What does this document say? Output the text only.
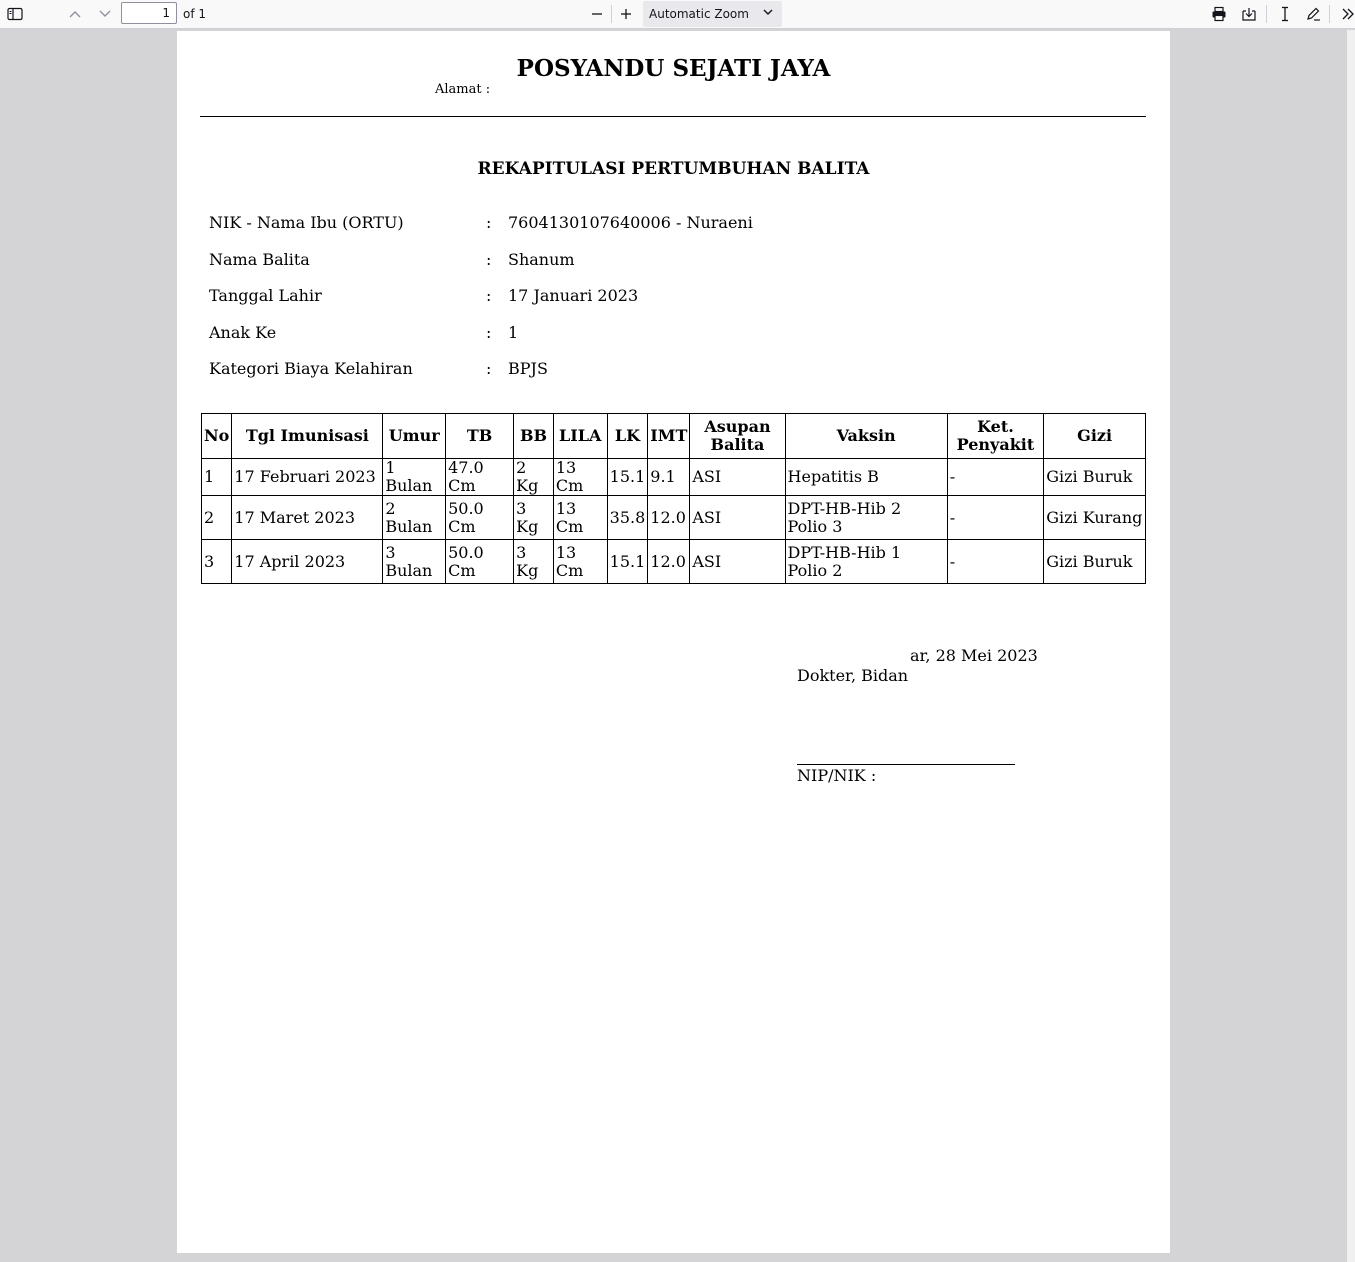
1
of 1	Automatic Zoom
POSYANDU SEJATI JAYA
Alamat :
REKAPITULASI PERTUMBUHAN BALITA
NIK - Nama Ibu (ORTU)	: 7604130107640006 - Nuraeni
Nama Balita	: Shanum
Tanggal Lahir	: 17 Januari 2023
Anak Ke	: 1
Kategori Biaya Kelahiran	: BPJS
No	Tgl Imunisasi	Umur	TB	BB	LILA	LK	IMT	Asupan Balita	Vaksin	Ket. Penyakit	Gizi
1	17 Februari 2023	1 Bulan	47.0 Cm	2 Kg	13 Cm	15.1	9.1	ASI	Hepatitis B	-	Gizi Buruk
2	17 Maret 2023	2 Bulan	50.0 Cm	3 Kg	13 Cm	35.8	12.0	ASI	DPT-HB-Hib 2 Polio 3	-	Gizi Kurang
3	17 April 2023	3 Bulan	50.0 Cm	3 Kg	13 Cm	15.1	12.0	ASI	DPT-HB-Hib 1 Polio 2	-	Gizi Buruk
ar, 28 Mei 2023
Dokter, Bidan
NIP/NIK :
